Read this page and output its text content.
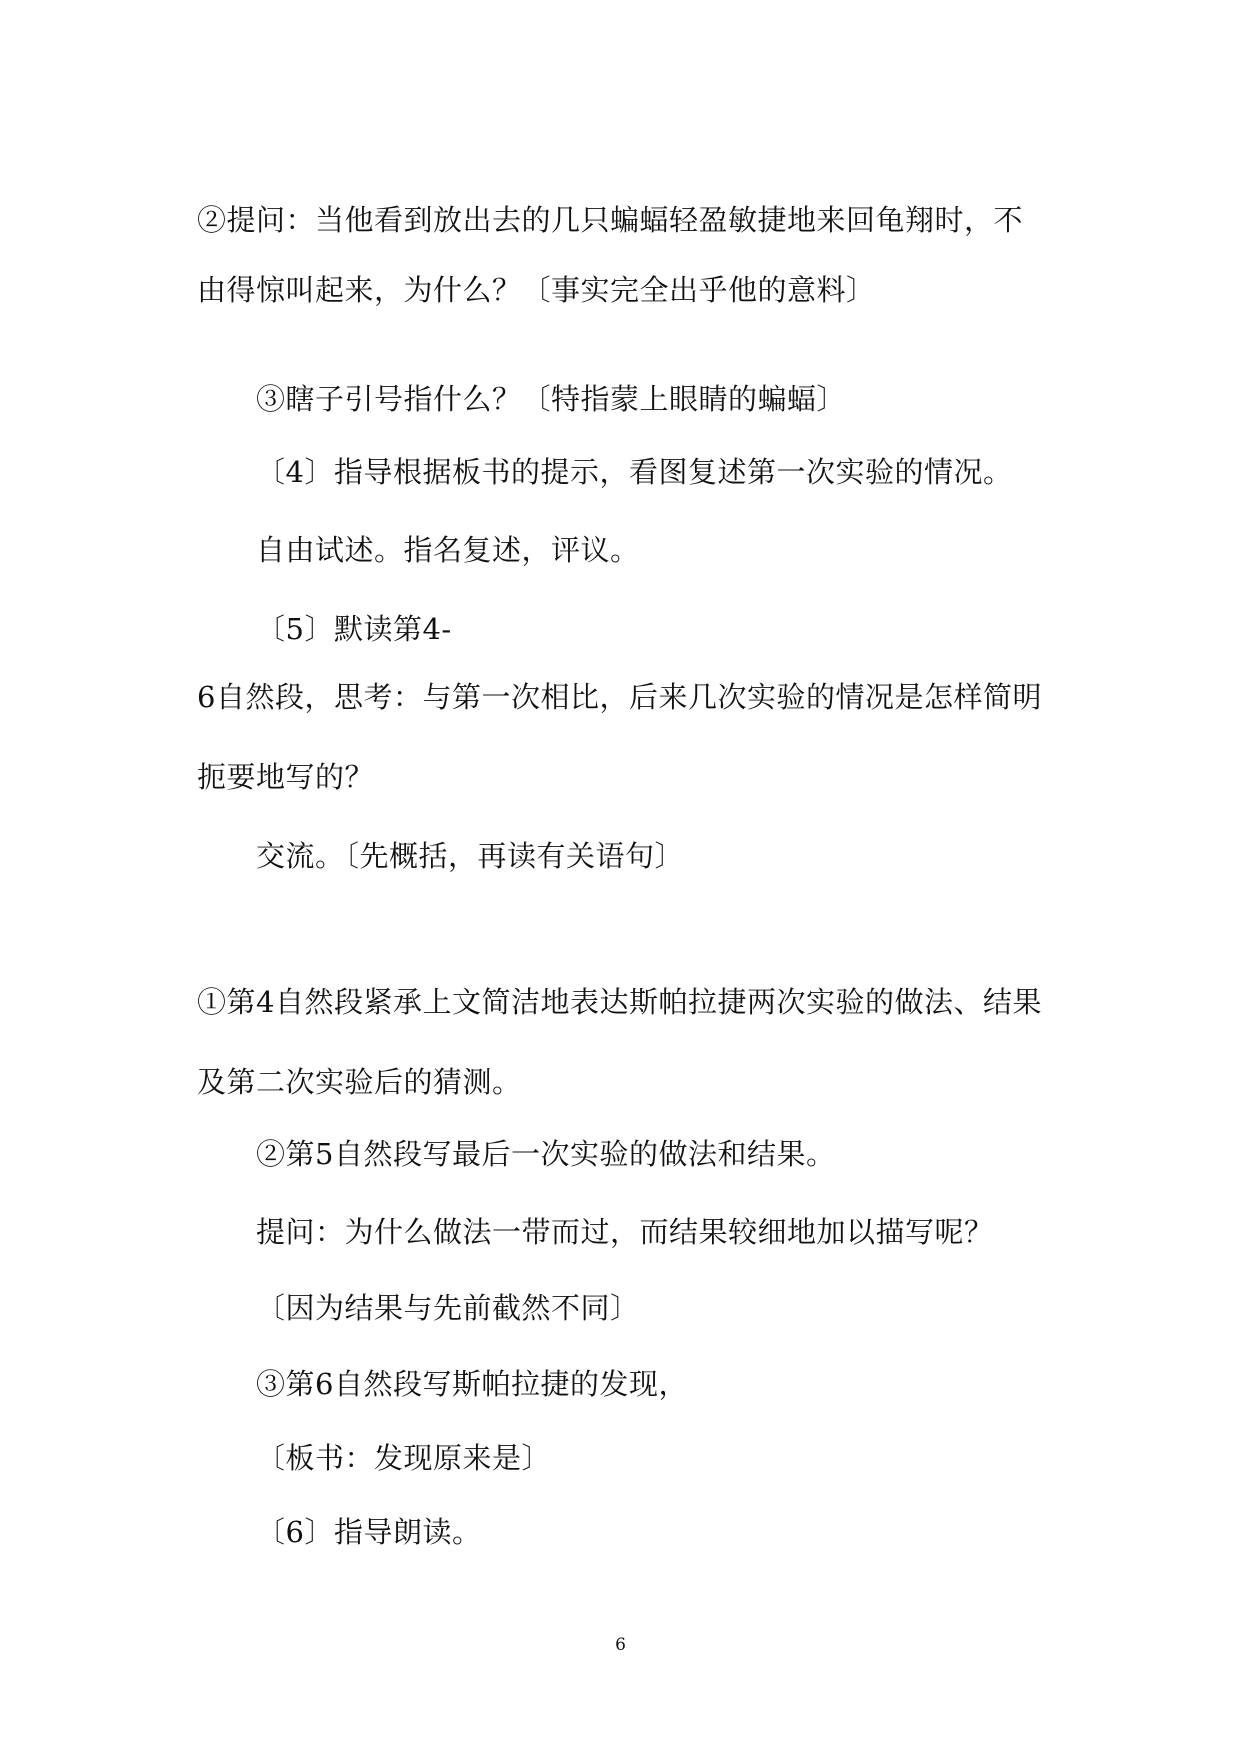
②提问：当他看到放出去的几只蝙蝠轻盈敏捷地来回龟翔时，不
由得惊叫起来，为什么？〔事实完全出乎他的意料〕
③瞎子引号指什么？〔特指蒙上眼睛的蝙蝠〕
〔4〕指导根据板书的提示，看图复述第一次实验的情况。
自由试述。指名复述，评议。
〔5〕默读第4-
6自然段，思考：与第一次相比，后来几次实验的情况是怎样简明
扼要地写的？
交流。〔先概括，再读有关语句〕
①第4自然段紧承上文简洁地表达斯帕拉捷两次实验的做法、结果
及第二次实验后的猜测。
②第5自然段写最后一次实验的做法和结果。
提问：为什么做法一带而过，而结果较细地加以描写呢？
〔因为结果与先前截然不同〕
③第6自然段写斯帕拉捷的发现，
〔板书：发现原来是〕
〔6〕指导朗读。
6
